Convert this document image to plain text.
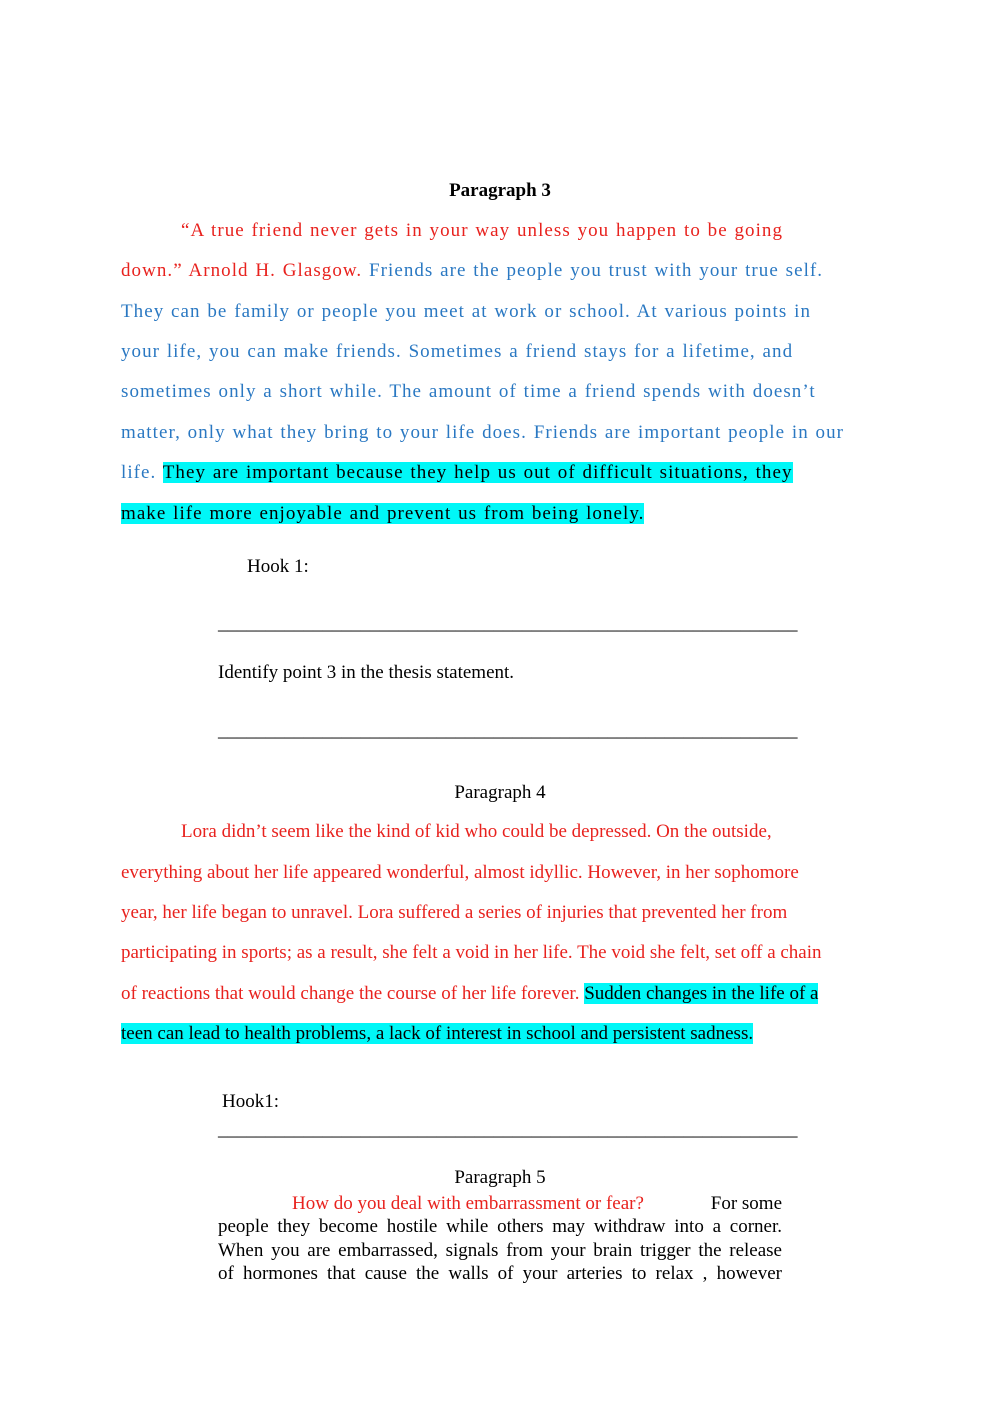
Paragraph 3
“A true friend never gets in your way unless you happen to be going
down.” Arnold H. Glasgow. Friends are the people you trust with your true self.
They can be family or people you meet at work or school. At various points in
your life, you can make friends. Sometimes a friend stays for a lifetime, and
sometimes only a short while. The amount of time a friend spends with doesn’t
matter, only what they bring to your life does. Friends are important people in our
life. They are important because they help us out of difficult situations, they
make life more enjoyable and prevent us from being lonely.
Hook 1:
_____________________________________________________________
Identify point 3 in the thesis statement.
_____________________________________________________________
Paragraph 4
Lora didn’t seem like the kind of kid who could be depressed. On the outside,
everything about her life appeared wonderful, almost idyllic. However, in her sophomore
year, her life began to unravel. Lora suffered a series of injuries that prevented her from
participating in sports; as a result, she felt a void in her life. The void she felt, set off a chain
of reactions that would change the course of her life forever. Sudden changes in the life of a
teen can lead to health problems, a lack of interest in school and persistent sadness.
Hook1:
_____________________________________________________________
Paragraph 5
How do you deal with embarrassment or fear?	For some
people they become hostile while others may withdraw into a corner.
When you are embarrassed, signals from your brain trigger the release
of hormones that cause the walls of your arteries to relax , however
